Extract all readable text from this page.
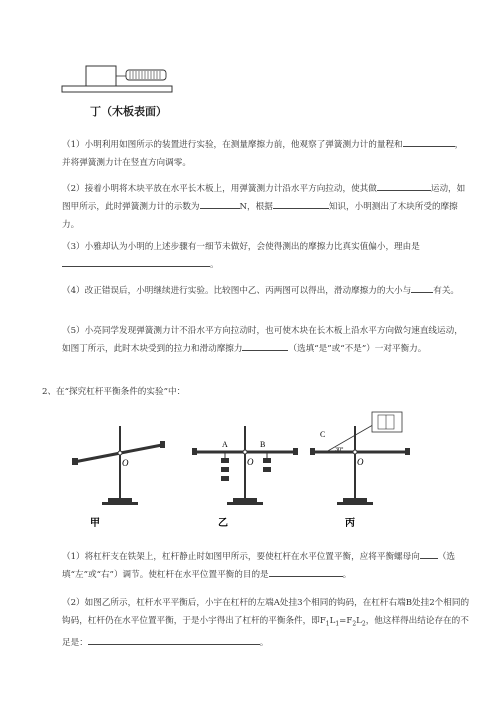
丁（木板表面）
（1）小明利用如图所示的装置进行实验，在测量摩擦力前，他观察了弹簧测力计的量程和	，并将弹簧测力计在竖直方向调零。
（2）接着小明将木块平放在水平长木板上，用弹簧测力计沿水平方向拉动，使其做	运动，如图甲所示，此时弹簧测力计的示数为	N，根据	知识，小明测出了木块所受的摩擦力。
（3）小雅却认为小明的上述步骤有一细节未做好，会使得测出的摩擦力比真实值偏小，理由是。
（4）改正错误后，小明继续进行实验。比较图中乙、丙两图可以得出，滑动摩擦力的大小与	有关。
（5）小亮同学发现弹簧测力计不沿水平方向拉动时，也可使木块在长木板上沿水平方向做匀速直线运动，如图丁所示，此时木块受到的拉力和滑动摩擦力	（选填“是”或“不是”）一对平衡力。
2、在“探究杠杆平衡条件的实验”中：
O
A	B
O
C
30°
O
甲	乙	丙
（1）将杠杆支在铁架上，杠杆静止时如图甲所示，要使杠杆在水平位置平衡，应将平衡螺母向 （选填“左”或“右”）调节。使杠杆在水平位置平衡的目的是	。
（2）如图乙所示，杠杆水平平衡后，小宇在杠杆的左端A处挂3个相同的钩码，在杠杆右端B处挂2个相同的钩码，杠杆仍在水平位置平衡，于是小宇得出了杠杆的平衡条件，即$F_1L_1=F_2L_2$，他这样得出结论存在的不足是：	。
